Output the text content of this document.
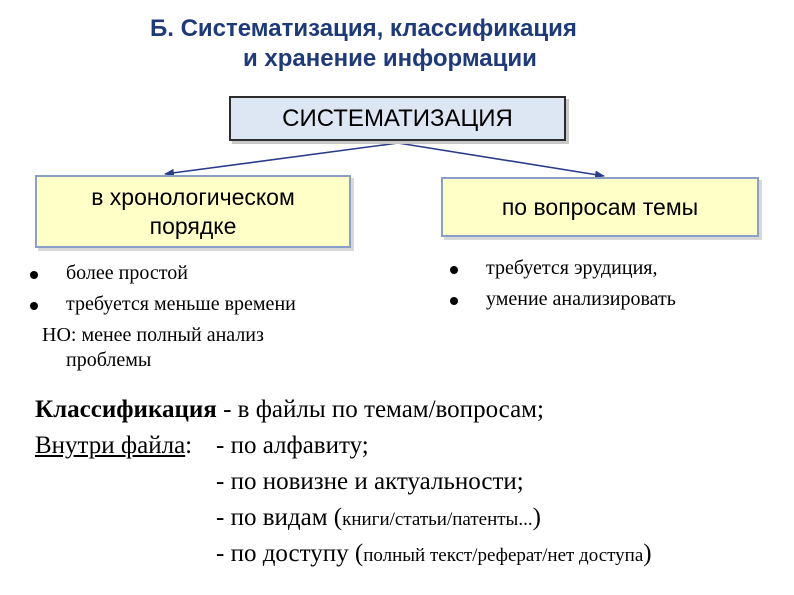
Б. Систематизация, классификация
и хранение информации
СИСТЕМАТИЗАЦИЯ
в хронологическом порядке
по вопросам темы
более простой
требуется меньше времени
НО: менее полный анализ
проблемы
требуется эрудиция,
умение анализировать
Классификация - в файлы по темам/вопросам;
Внутри файла: - по алфавиту;
- по новизне и актуальности;
- по видам (книги/статьи/патенты...)
- по доступу (полный текст/реферат/нет доступа)
